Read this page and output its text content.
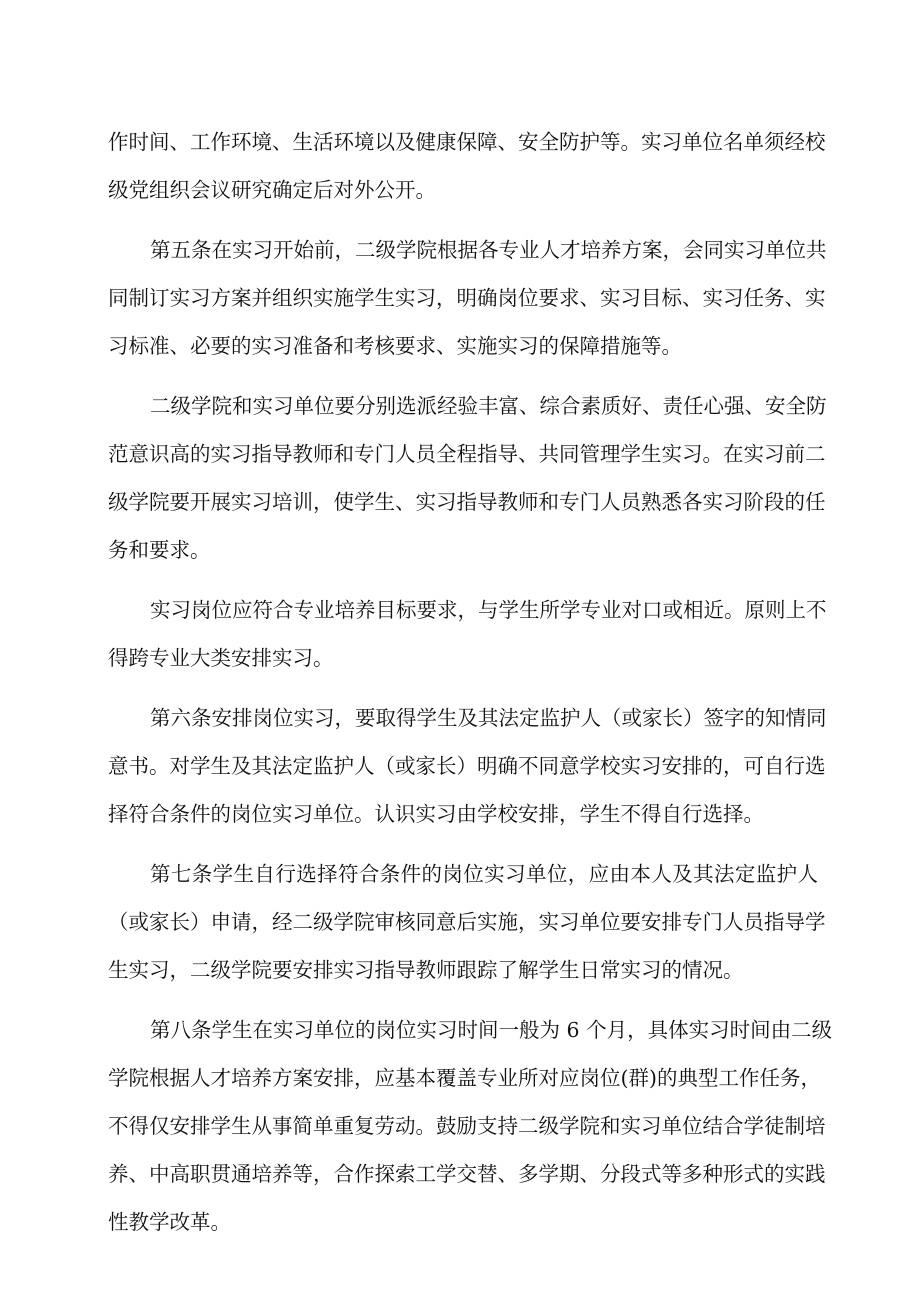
作时间、工作环境、生活环境以及健康保障、安全防护等。实习单位名单须经校
级党组织会议研究确定后对外公开。
第五条在实习开始前，二级学院根据各专业人才培养方案，会同实习单位共
同制订实习方案并组织实施学生实习，明确岗位要求、实习目标、实习任务、实
习标准、必要的实习准备和考核要求、实施实习的保障措施等。
二级学院和实习单位要分别选派经验丰富、综合素质好、责任心强、安全防
范意识高的实习指导教师和专门人员全程指导、共同管理学生实习。在实习前二
级学院要开展实习培训，使学生、实习指导教师和专门人员熟悉各实习阶段的任
务和要求。
实习岗位应符合专业培养目标要求，与学生所学专业对口或相近。原则上不
得跨专业大类安排实习。
第六条安排岗位实习，要取得学生及其法定监护人（或家长）签字的知情同
意书。对学生及其法定监护人（或家长）明确不同意学校实习安排的，可自行选
择符合条件的岗位实习单位。认识实习由学校安排，学生不得自行选择。
第七条学生自行选择符合条件的岗位实习单位，应由本人及其法定监护人
（或家长）申请，经二级学院审核同意后实施，实习单位要安排专门人员指导学
生实习，二级学院要安排实习指导教师跟踪了解学生日常实习的情况。
第八条学生在实习单位的岗位实习时间一般为 6 个月，具体实习时间由二级
学院根据人才培养方案安排，应基本覆盖专业所对应岗位(群)的典型工作任务，
不得仅安排学生从事简单重复劳动。鼓励支持二级学院和实习单位结合学徒制培
养、中高职贯通培养等，合作探索工学交替、多学期、分段式等多种形式的实践
性教学改革。
